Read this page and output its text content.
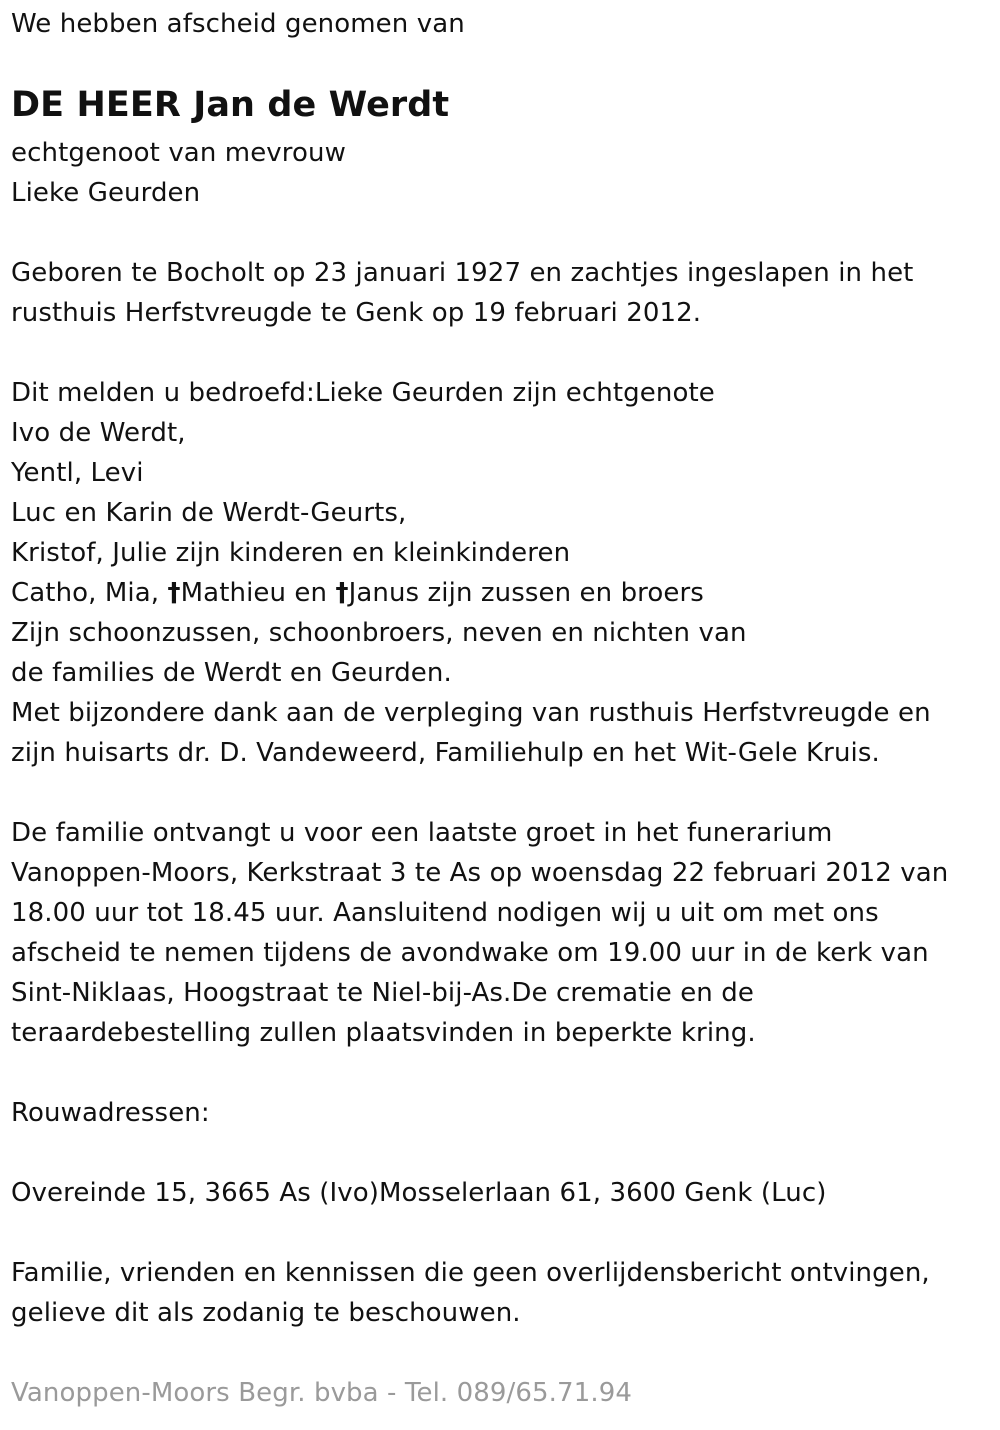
We hebben afscheid genomen van
DE HEER Jan de Werdt
echtgenoot van mevrouw
Lieke Geurden
Geboren te Bocholt op 23 januari 1927 en zachtjes ingeslapen in het
rusthuis Herfstvreugde te Genk op 19 februari 2012.
Dit melden u bedroefd:Lieke Geurden zijn echtgenote
Ivo de Werdt,
Yentl, Levi
Luc en Karin de Werdt-Geurts,
Kristof, Julie zijn kinderen en kleinkinderen
Catho, Mia, †Mathieu en †Janus zijn zussen en broers
Zijn schoonzussen, schoonbroers, neven en nichten van
de families de Werdt en Geurden.
Met bijzondere dank aan de verpleging van rusthuis Herfstvreugde en
zijn huisarts dr. D. Vandeweerd, Familiehulp en het Wit-Gele Kruis.
De familie ontvangt u voor een laatste groet in het funerarium
Vanoppen-Moors, Kerkstraat 3 te As op woensdag 22 februari 2012 van
18.00 uur tot 18.45 uur. Aansluitend nodigen wij u uit om met ons
afscheid te nemen tijdens de avondwake om 19.00 uur in de kerk van
Sint-Niklaas, Hoogstraat te Niel-bij-As.De crematie en de
teraardebestelling zullen plaatsvinden in beperkte kring.
Rouwadressen:
Overeinde 15, 3665 As (Ivo)Mosselerlaan 61, 3600 Genk (Luc)
Familie, vrienden en kennissen die geen overlijdensbericht ontvingen,
gelieve dit als zodanig te beschouwen.
Vanoppen-Moors Begr. bvba - Tel. 089/65.71.94
